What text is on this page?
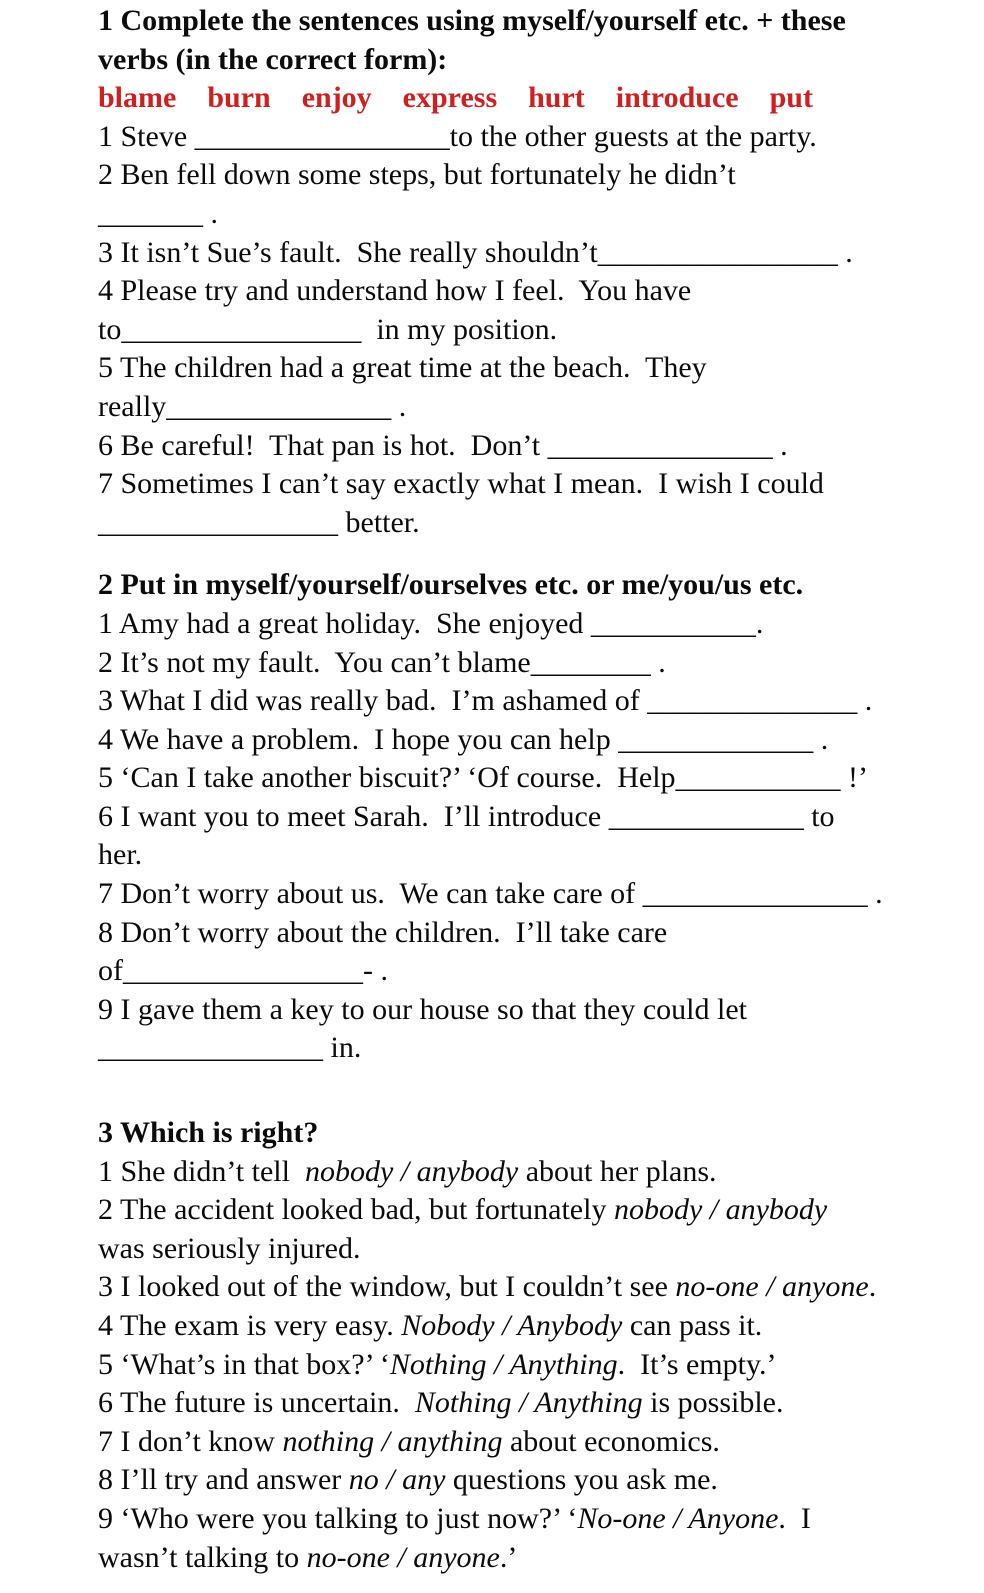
1 Complete the sentences using myself/yourself etc. + these
verbs (in the correct form):
blame  burn  enjoy  express  hurt  introduce  put
1 Steve _________________to the other guests at the party.
2 Ben fell down some steps, but fortunately he didn’t
_______ .
3 It isn’t Sue’s fault.  She really shouldn’t________________ .
4 Please try and understand how I feel.  You have
to________________  in my position.
5 The children had a great time at the beach.  They
really_______________ .
6 Be careful!  That pan is hot.  Don’t _______________ .
7 Sometimes I can’t say exactly what I mean.  I wish I could
________________ better.
2 Put in myself/yourself/ourselves etc. or me/you/us etc.
1 Amy had a great holiday.  She enjoyed ___________.
2 It’s not my fault.  You can’t blame________ .
3 What I did was really bad.  I’m ashamed of ______________ .
4 We have a problem.  I hope you can help _____________ .
5 ‘Can I take another biscuit?’ ‘Of course.  Help___________ !’
6 I want you to meet Sarah.  I’ll introduce _____________ to
her.
7 Don’t worry about us.  We can take care of _______________ .
8 Don’t worry about the children.  I’ll take care
of________________- .
9 I gave them a key to our house so that they could let
_______________ in.
3 Which is right?
1 She didn’t tell  nobody / anybody about her plans.
2 The accident looked bad, but fortunately nobody / anybody
was seriously injured.
3 I looked out of the window, but I couldn’t see no-one / anyone.
4 The exam is very easy. Nobody / Anybody can pass it.
5 ‘What’s in that box?’ ‘Nothing / Anything.  It’s empty.’
6 The future is uncertain.  Nothing / Anything is possible.
7 I don’t know nothing / anything about economics.
8 I’ll try and answer no / any questions you ask me.
9 ‘Who were you talking to just now?’ ‘No-one / Anyone.  I
wasn’t talking to no-one / anyone.’
